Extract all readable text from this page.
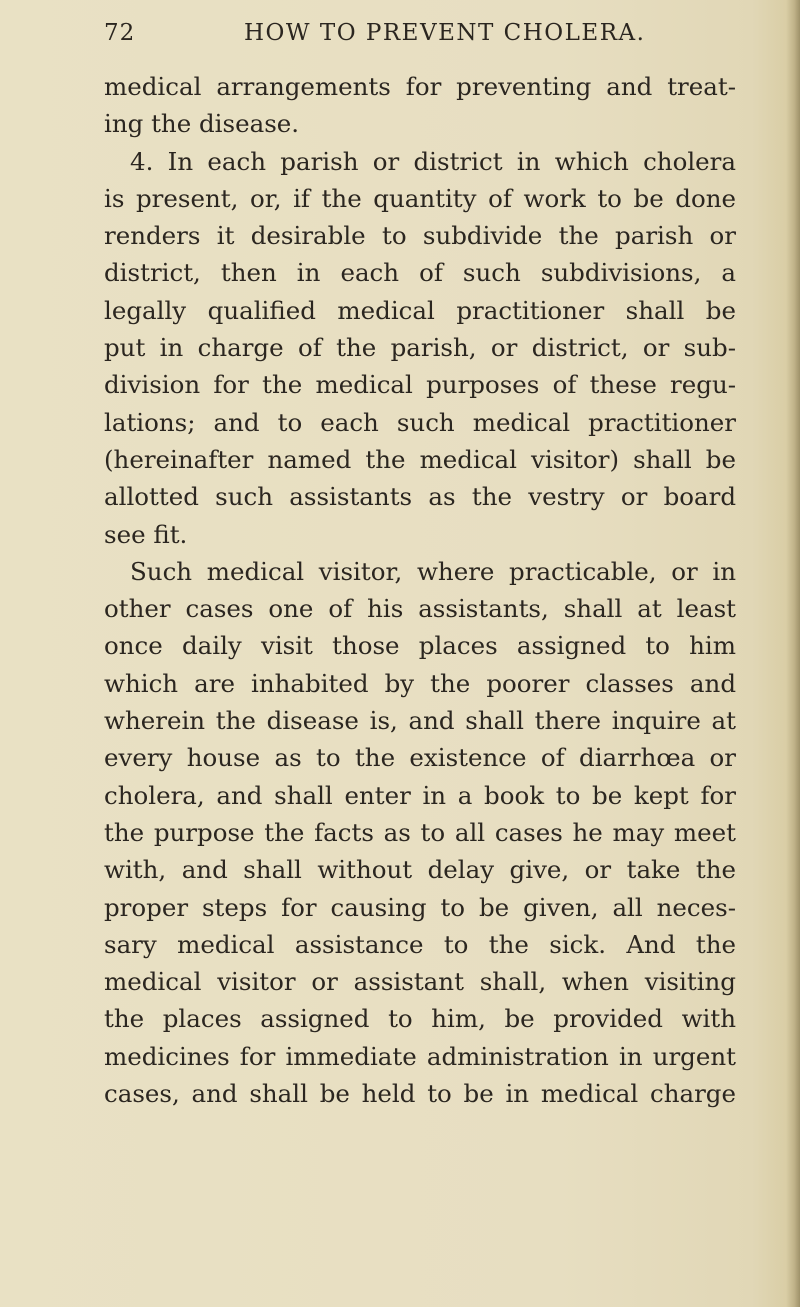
72	HOW TO PREVENT CHOLERA.
medical arrangements for preventing and treat-
ing the disease.
4. In each parish or district in which cholera
is present, or, if the quantity of work to be done
renders it desirable to subdivide the parish or
district, then in each of such subdivisions, a
legally qualified medical practitioner shall be
put in charge of the parish, or district, or sub-
division for the medical purposes of these regu-
lations; and to each such medical practitioner
(hereinafter named the medical visitor) shall be
allotted such assistants as the vestry or board
see fit.
Such medical visitor, where practicable, or in
other cases one of his assistants, shall at least
once daily visit those places assigned to him
which are inhabited by the poorer classes and
wherein the disease is, and shall there inquire at
every house as to the existence of diarrhœa or
cholera, and shall enter in a book to be kept for
the purpose the facts as to all cases he may meet
with, and shall without delay give, or take the
proper steps for causing to be given, all neces-
sary medical assistance to the sick. And the
medical visitor or assistant shall, when visiting
the places assigned to him, be provided with
medicines for immediate administration in urgent
cases, and shall be held to be in medical charge
